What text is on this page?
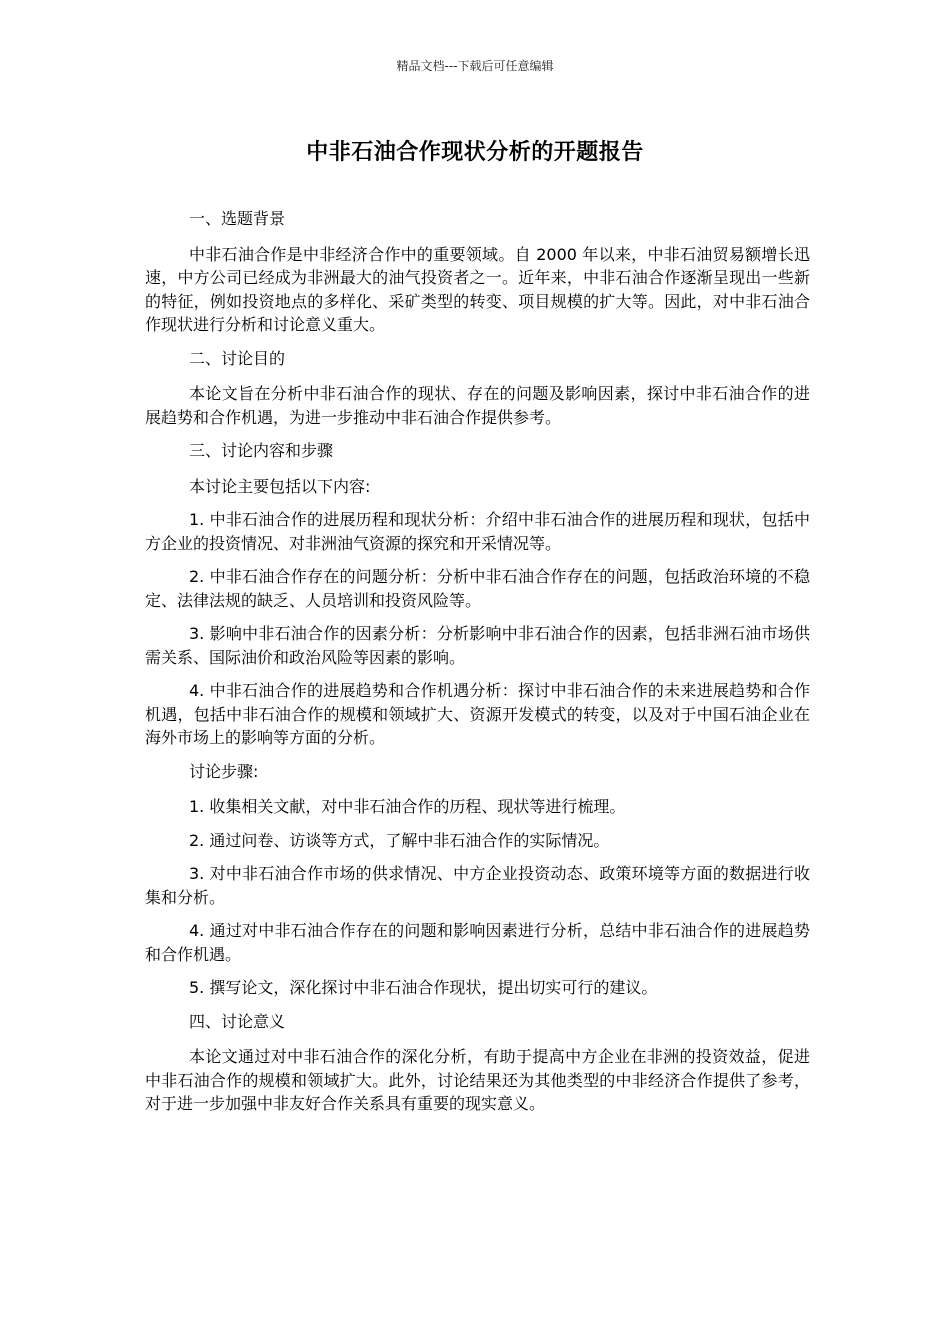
精品文档---下载后可任意编辑
中非石油合作现状分析的开题报告

一、选题背景

中非石油合作是中非经济合作中的重要领域。自 2000 年以来，中非石油贸易额增长迅速，中方公司已经成为非洲最大的油气投资者之一。近年来，中非石油合作逐渐呈现出一些新的特征，例如投资地点的多样化、采矿类型的转变、项目规模的扩大等。因此，对中非石油合作现状进行分析和讨论意义重大。

二、讨论目的

本论文旨在分析中非石油合作的现状、存在的问题及影响因素，探讨中非石油合作的进展趋势和合作机遇，为进一步推动中非石油合作提供参考。

三、讨论内容和步骤

本讨论主要包括以下内容:

1. 中非石油合作的进展历程和现状分析：介绍中非石油合作的进展历程和现状，包括中方企业的投资情况、对非洲油气资源的探究和开采情况等。

2. 中非石油合作存在的问题分析：分析中非石油合作存在的问题，包括政治环境的不稳定、法律法规的缺乏、人员培训和投资风险等。

3. 影响中非石油合作的因素分析：分析影响中非石油合作的因素，包括非洲石油市场供需关系、国际油价和政治风险等因素的影响。

4. 中非石油合作的进展趋势和合作机遇分析：探讨中非石油合作的未来进展趋势和合作机遇，包括中非石油合作的规模和领域扩大、资源开发模式的转变，以及对于中国石油企业在海外市场上的影响等方面的分析。

讨论步骤:

1. 收集相关文献，对中非石油合作的历程、现状等进行梳理。

2. 通过问卷、访谈等方式，了解中非石油合作的实际情况。

3. 对中非石油合作市场的供求情况、中方企业投资动态、政策环境等方面的数据进行收集和分析。

4. 通过对中非石油合作存在的问题和影响因素进行分析，总结中非石油合作的进展趋势和合作机遇。

5. 撰写论文，深化探讨中非石油合作现状，提出切实可行的建议。

四、讨论意义

本论文通过对中非石油合作的深化分析，有助于提高中方企业在非洲的投资效益，促进中非石油合作的规模和领域扩大。此外，讨论结果还为其他类型的中非经济合作提供了参考，对于进一步加强中非友好合作关系具有重要的现实意义。
